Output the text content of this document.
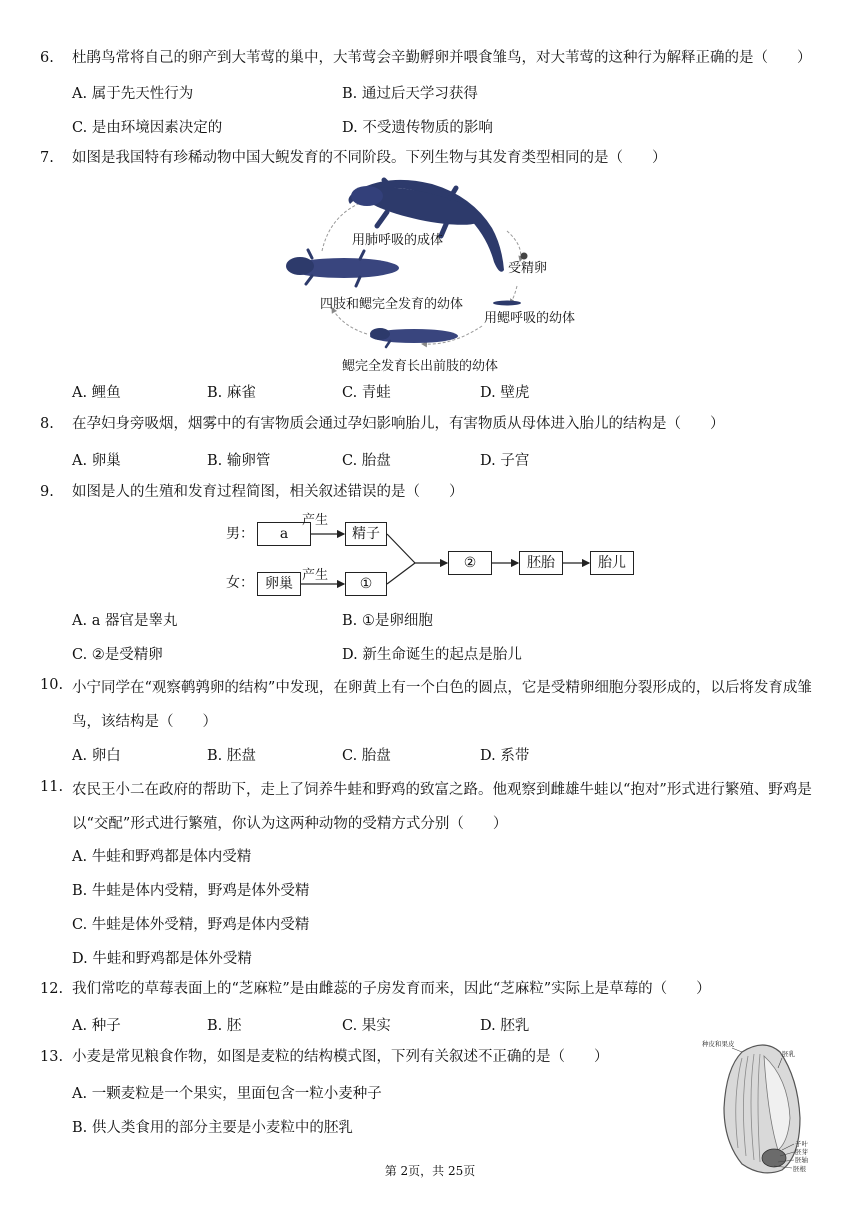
6.	杜鹃鸟常将自己的卵产到大苇莺的巢中，大苇莺会辛勤孵卵并喂食雏鸟，对大苇莺的这种行为解释正确的是（　　）
A. 属于先天性行为	B. 通过后天学习获得
C. 是由环境因素决定的	D. 不受遗传物质的影响
7.	如图是我国特有珍稀动物中国大鲵发育的不同阶段。下列生物与其发育类型相同的是（　　）
用肺呼吸的成体
受精卵
用鳃呼吸的幼体
四肢和鳃完全发育的幼体
鳃完全发育长出前肢的幼体
A. 鲤鱼	B. 麻雀	C. 青蛙	D. 壁虎
8.	在孕妇身旁吸烟，烟雾中的有害物质会通过孕妇影响胎儿，有害物质从母体进入胎儿的结构是（　　）
A. 卵巢	B. 输卵管	C. 胎盘	D. 子宫
9.	如图是人的生殖和发育过程简图，相关叙述错误的是（　　）
男：
女：
a
卵巢
产生
产生
精子
①
②	胚胎	胎儿
A. a 器官是睾丸	B. ①是卵细胞
C. ②是受精卵	D. 新生命诞生的起点是胎儿
10. 小宁同学在“观察鹌鹑卵的结构”中发现，在卵黄上有一个白色的圆点，它是受精卵细胞分裂形成的，以后将发育成雏鸟，该结构是（　　）
A. 卵白	B. 胚盘	C. 胎盘	D. 系带
11. 农民王小二在政府的帮助下，走上了饲养牛蛙和野鸡的致富之路。他观察到雌雄牛蛙以“抱对”形式进行繁殖、野鸡是以“交配”形式进行繁殖，你认为这两种动物的受精方式分别（　　）
A. 牛蛙和野鸡都是体内受精
B. 牛蛙是体内受精，野鸡是体外受精
C. 牛蛙是体外受精，野鸡是体内受精
D. 牛蛙和野鸡都是体外受精
12. 我们常吃的草莓表面上的“芝麻粒”是由雌蕊的子房发育而来，因此“芝麻粒”实际上是草莓的（　　）
A. 种子	B. 胚	C. 果实	D. 胚乳
13. 小麦是常见粮食作物，如图是麦粒的结构模式图，下列有关叙述不正确的是（　　）
A. 一颗麦粒是一个果实，里面包含一粒小麦种子
B. 供人类食用的部分主要是小麦粒中的胚乳
种皮和果皮
胚乳
子叶
胚芽
胚轴
胚根
第 2页，共 25页
